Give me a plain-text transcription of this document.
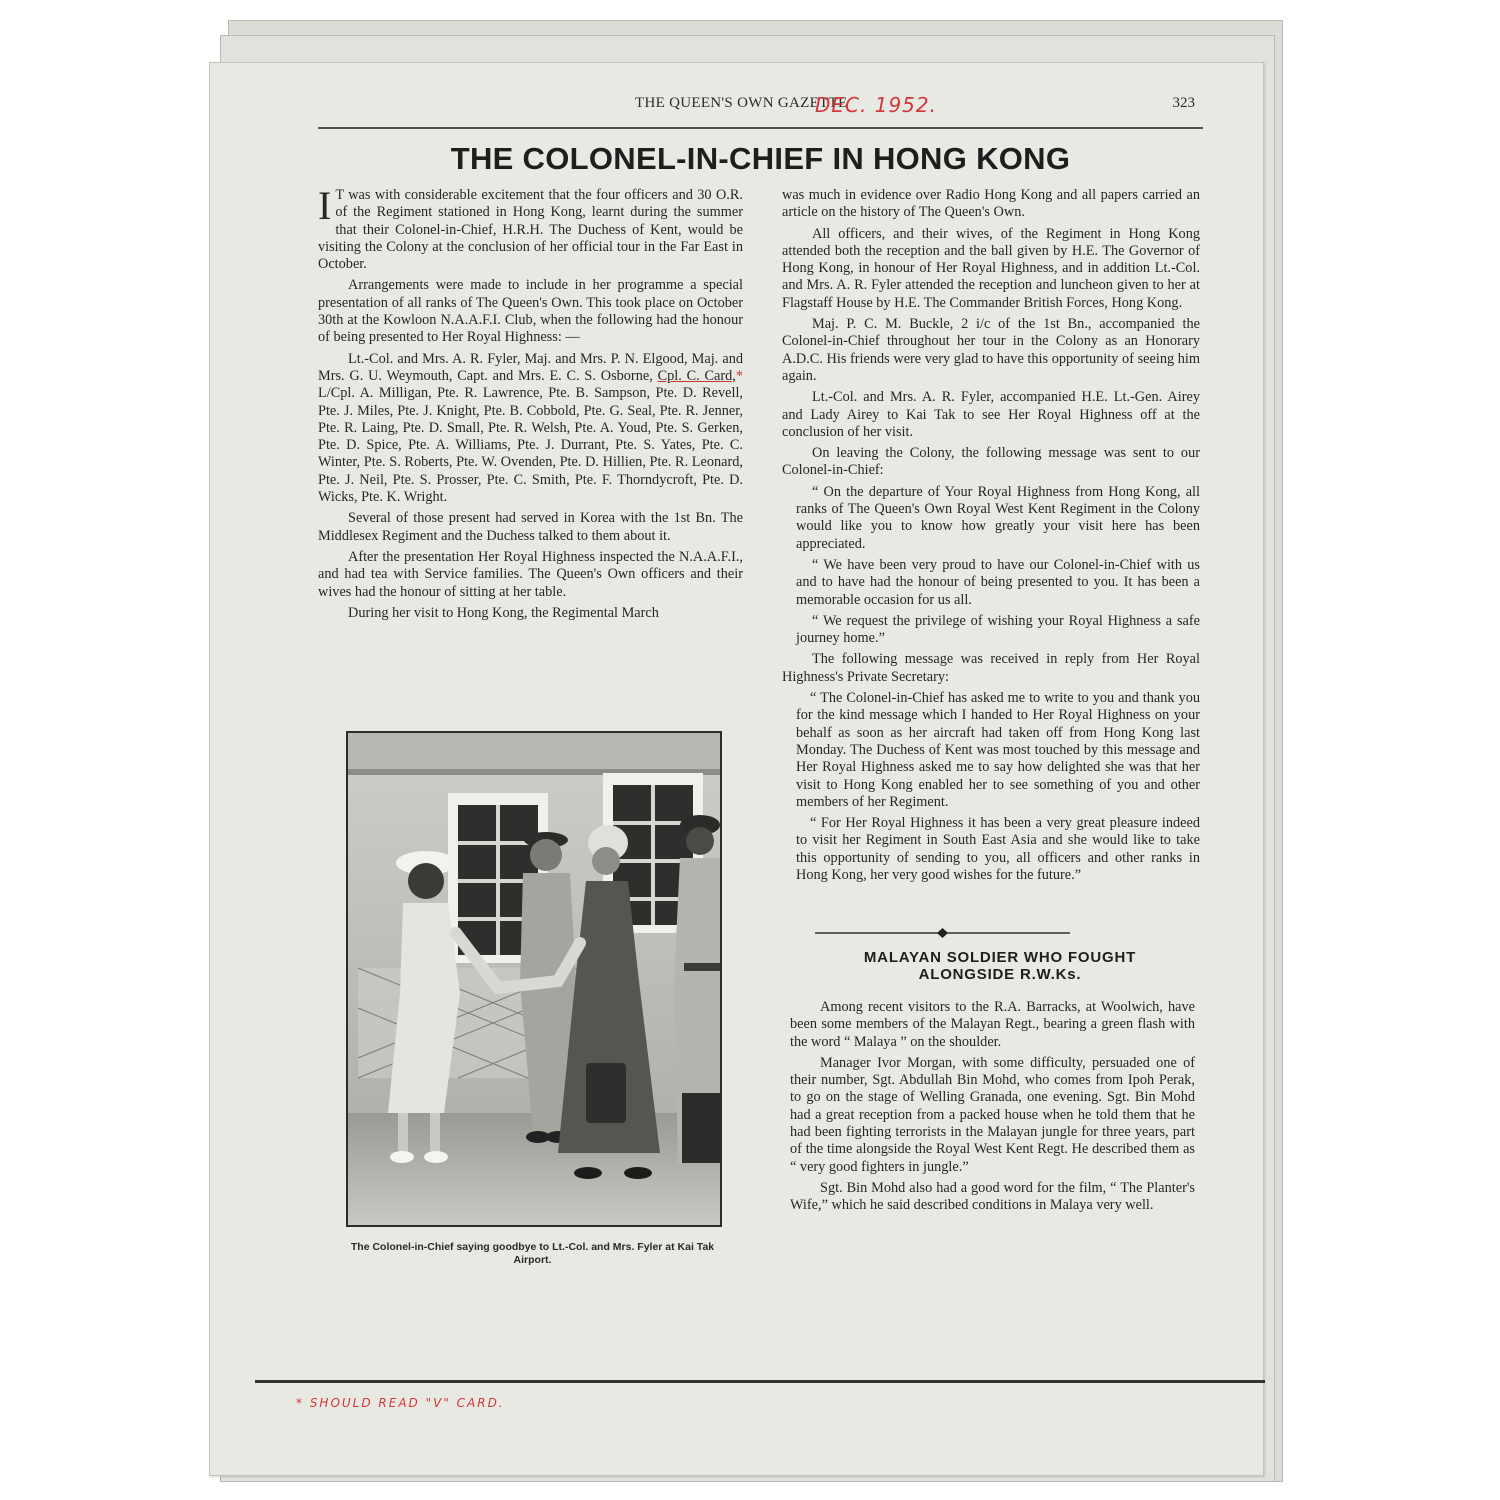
THE QUEEN'S OWN GAZETTE
DEC. 1952.	323
THE COLONEL-IN-CHIEF IN HONG KONG

I T was with considerable excitement that the four officers and 30 O.R. of the Regiment stationed in Hong Kong, learnt during the summer that their Colonel-in-Chief, H.R.H. The Duchess of Kent, would be visiting the Colony at the conclusion of her official tour in the Far East in October.

Arrangements were made to include in her programme a special presentation of all ranks of The Queen's Own. This took place on October 30th at the Kowloon N.A.A.F.I. Club, when the following had the honour of being presented to Her Royal Highness: —

Lt.-Col. and Mrs. A. R. Fyler, Maj. and Mrs. P. N. Elgood, Maj. and Mrs. G. U. Weymouth, Capt. and Mrs. E. C. S. Osborne, Cpl. C. Card,* L/Cpl. A. Milligan, Pte. R. Lawrence, Pte. B. Sampson, Pte. D. Revell, Pte. J. Miles, Pte. J. Knight, Pte. B. Cobbold, Pte. G. Seal, Pte. R. Jenner, Pte. R. Laing, Pte. D. Small, Pte. R. Welsh, Pte. A. Youd, Pte. S. Gerken, Pte. D. Spice, Pte. A. Williams, Pte. J. Durrant, Pte. S. Yates, Pte. C. Winter, Pte. S. Roberts, Pte. W. Ovenden, Pte. D. Hillien, Pte. R. Leonard, Pte. J. Neil, Pte. S. Prosser, Pte. C. Smith, Pte. F. Thorndycroft, Pte. D. Wicks, Pte. K. Wright.

Several of those present had served in Korea with the 1st Bn. The Middlesex Regiment and the Duchess talked to them about it.

After the presentation Her Royal Highness inspected the N.A.A.F.I., and had tea with Service families. The Queen's Own officers and their wives had the honour of sitting at her table.

During her visit to Hong Kong, the Regimental March

The Colonel-in-Chief saying goodbye to Lt.-Col. and Mrs. Fyler at Kai Tak Airport.

was much in evidence over Radio Hong Kong and all papers carried an article on the history of The Queen's Own.

All officers, and their wives, of the Regiment in Hong Kong attended both the reception and the ball given by H.E. The Governor of Hong Kong, in honour of Her Royal Highness, and in addition Lt.-Col. and Mrs. A. R. Fyler attended the reception and luncheon given to her at Flagstaff House by H.E. The Commander British Forces, Hong Kong.

Maj. P. C. M. Buckle, 2 i/c of the 1st Bn., accompanied the Colonel-in-Chief throughout her tour in the Colony as an Honorary A.D.C. His friends were very glad to have this opportunity of seeing him again.

Lt.-Col. and Mrs. A. R. Fyler, accompanied H.E. Lt.-Gen. Airey and Lady Airey to Kai Tak to see Her Royal Highness off at the conclusion of her visit.

On leaving the Colony, the following message was sent to our Colonel-in-Chief:

“ On the departure of Your Royal Highness from Hong Kong, all ranks of The Queen's Own Royal West Kent Regiment in the Colony would like you to know how greatly your visit here has been appreciated.

“ We have been very proud to have our Colonel-in-Chief with us and to have had the honour of being presented to you. It has been a memorable occasion for us all.

“ We request the privilege of wishing your Royal Highness a safe journey home.”

The following message was received in reply from Her Royal Highness's Private Secretary:

“ The Colonel-in-Chief has asked me to write to you and thank you for the kind message which I handed to Her Royal Highness on your behalf as soon as her aircraft had taken off from Hong Kong last Monday. The Duchess of Kent was most touched by this message and Her Royal Highness asked me to say how delighted she was that her visit to Hong Kong enabled her to see something of you and other members of her Regiment.

“ For Her Royal Highness it has been a very great pleasure indeed to visit her Regiment in South East Asia and she would like to take this opportunity of sending to you, all officers and other ranks in Hong Kong, her very good wishes for the future.”

MALAYAN SOLDIER WHO FOUGHT
ALONGSIDE R.W.Ks.

Among recent visitors to the R.A. Barracks, at Woolwich, have been some members of the Malayan Regt., bearing a green flash with the word “ Malaya ” on the shoulder.

Manager Ivor Morgan, with some difficulty, persuaded one of their number, Sgt. Abdullah Bin Mohd, who comes from Ipoh Perak, to go on the stage of Welling Granada, one evening. Sgt. Bin Mohd had a great reception from a packed house when he told them that he had been fighting terrorists in the Malayan jungle for three years, part of the time alongside the Royal West Kent Regt. He described them as “ very good fighters in jungle.”

Sgt. Bin Mohd also had a good word for the film, “ The Planter's Wife,” which he said described conditions in Malaya very well.

* SHOULD READ "V" CARD.
